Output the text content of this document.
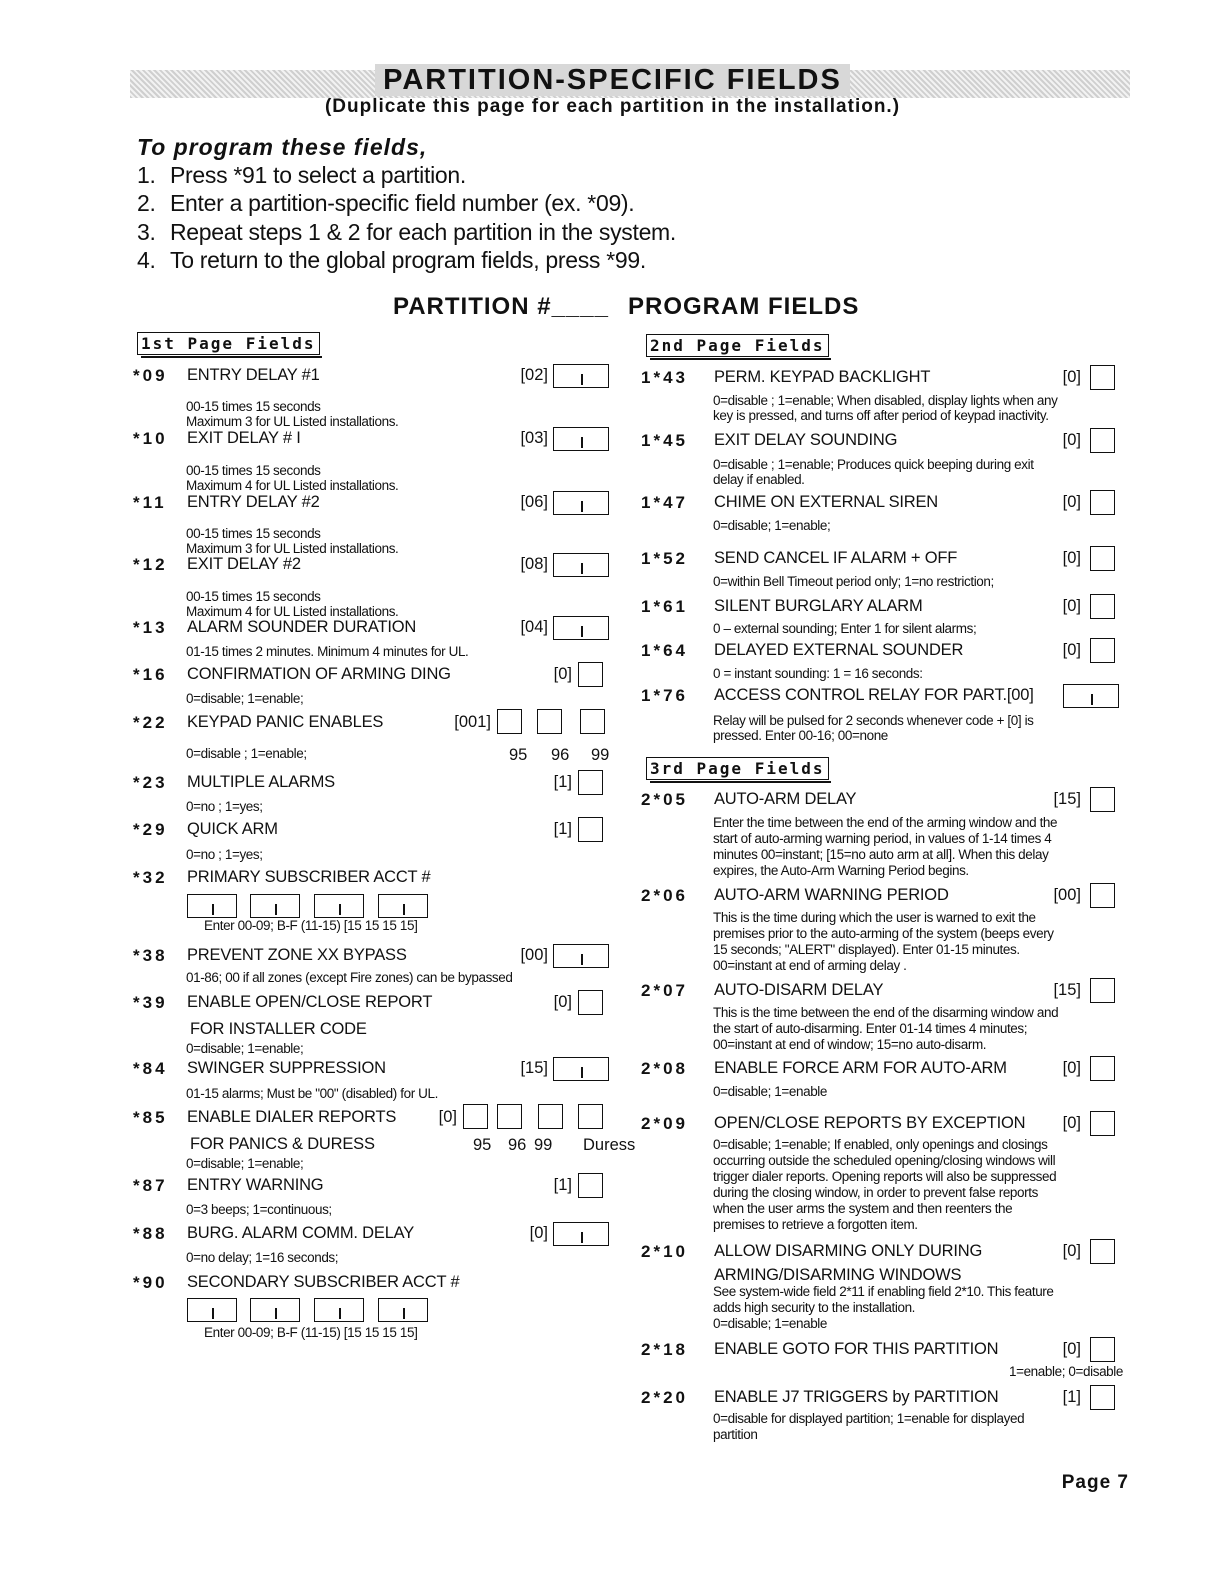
PARTITION-SPECIFIC FIELDS
(Duplicate this page for each partition in the installation.)
To program these fields,
1. Press *91 to select a partition.
2. Enter a partition-specific field number (ex. *09).
3. Repeat steps 1 & 2 for each partition in the system.
4. To return to the global program fields, press *99.
PARTITION #____ PROGRAM FIELDS
1st Page Fields	2nd Page Fields
3rd Page Fields
*09 ENTRY DELAY #1	[02]
00-15 times 15 seconds
Maximum 3 for UL Listed installations.
*10 EXIT DELAY # I	[03]
00-15 times 15 seconds
Maximum 4 for UL Listed installations.
*11 ENTRY DELAY #2	[06]
00-15 times 15 seconds
Maximum 3 for UL Listed installations.
*12 EXIT DELAY #2	[08]
00-15 times 15 seconds
Maximum 4 for UL Listed installations.
*13 ALARM SOUNDER DURATION	[04]
01-15 times 2 minutes. Minimum 4 minutes for UL.
*16 CONFIRMATION OF ARMING DING	[0]
0=disable; 1=enable;
*22 KEYPAD PANIC ENABLES	[001]
95 96 99
0=disable ; 1=enable;
*23 MULTIPLE ALARMS	[1]
0=no ; 1=yes;
*29 QUICK ARM	[1]
0=no ; 1=yes;
*32 PRIMARY SUBSCRIBER ACCT #
Enter 00-09; B-F (11-15) [15 15 15 15]
*38 PREVENT ZONE XX BYPASS	[00]
01-86; 00 if all zones (except Fire zones) can be bypassed
*39 ENABLE OPEN/CLOSE REPORT
FOR INSTALLER CODE
[0]
0=disable; 1=enable;
*84 SWINGER SUPPRESSION	[15]
01-15 alarms; Must be "00" (disabled) for UL.
*85 ENABLE DIALER REPORTS
FOR PANICS & DURESS
[0]
95 96 99 Duress
0=disable; 1=enable;
*87 ENTRY WARNING	[1]
0=3 beeps; 1=continuous;
*88 BURG. ALARM COMM. DELAY	[0]
0=no delay; 1=16 seconds;
*90 SECONDARY SUBSCRIBER ACCT #
Enter 00-09; B-F (11-15) [15 15 15 15]
1*43 PERM. KEYPAD BACKLIGHT	[0]
0=disable ; 1=enable; When disabled, display lights when any
key is pressed, and turns off after period of keypad inactivity.
1*45 EXIT DELAY SOUNDING	[0]
0=disable ; 1=enable; Produces quick beeping during exit
delay if enabled.
1*47 CHIME ON EXTERNAL SIREN	[0]
0=disable; 1=enable;
1*52 SEND CANCEL IF ALARM + OFF	[0]
0=within Bell Timeout period only; 1=no restriction;
1*61 SILENT BURGLARY ALARM	[0]
0 – external sounding; Enter 1 for silent alarms;
1*64 DELAYED EXTERNAL SOUNDER	[0]
0 = instant sounding: 1 = 16 seconds:
1*76 ACCESS CONTROL RELAY FOR PART.[00]
Relay will be pulsed for 2 seconds whenever code + [0] is
pressed. Enter 00-16; 00=none
2*05 AUTO-ARM DELAY	[15]
Enter the time between the end of the arming window and the
start of auto-arming warning period, in values of 1-14 times 4
minutes 00=instant; [15=no auto arm at all]. When this delay
expires, the Auto-Arm Warning Period begins.
2*06 AUTO-ARM WARNING PERIOD	[00]
This is the time during which the user is warned to exit the
premises prior to the auto-arming of the system (beeps every
15 seconds; "ALERT" displayed). Enter 01-15 minutes.
00=instant at end of arming delay .
2*07 AUTO-DISARM DELAY	[15]
This is the time between the end of the disarming window and
the start of auto-disarming. Enter 01-14 times 4 minutes;
00=instant at end of window; 15=no auto-disarm.
2*08 ENABLE FORCE ARM FOR AUTO-ARM	[0]
0=disable; 1=enable
2*09 OPEN/CLOSE REPORTS BY EXCEPTION [0]
0=disable; 1=enable; If enabled, only openings and closings
occurring outside the scheduled opening/closing windows will
trigger dialer reports. Opening reports will also be suppressed
during the closing window, in order to prevent false reports
when the user arms the system and then reenters the
premises to retrieve a forgotten item.
2*10 ALLOW DISARMING ONLY DURING
ARMING/DISARMING WINDOWS
[0]
See system-wide field 2*11 if enabling field 2*10. This feature
adds high security to the installation.
0=disable; 1=enable
2*18 ENABLE GOTO FOR THIS PARTITION	[0]
1=enable; 0=disable
2*20 ENABLE J7 TRIGGERS by PARTITION	[1]
0=disable for displayed partition; 1=enable for displayed
partition
Page 7
